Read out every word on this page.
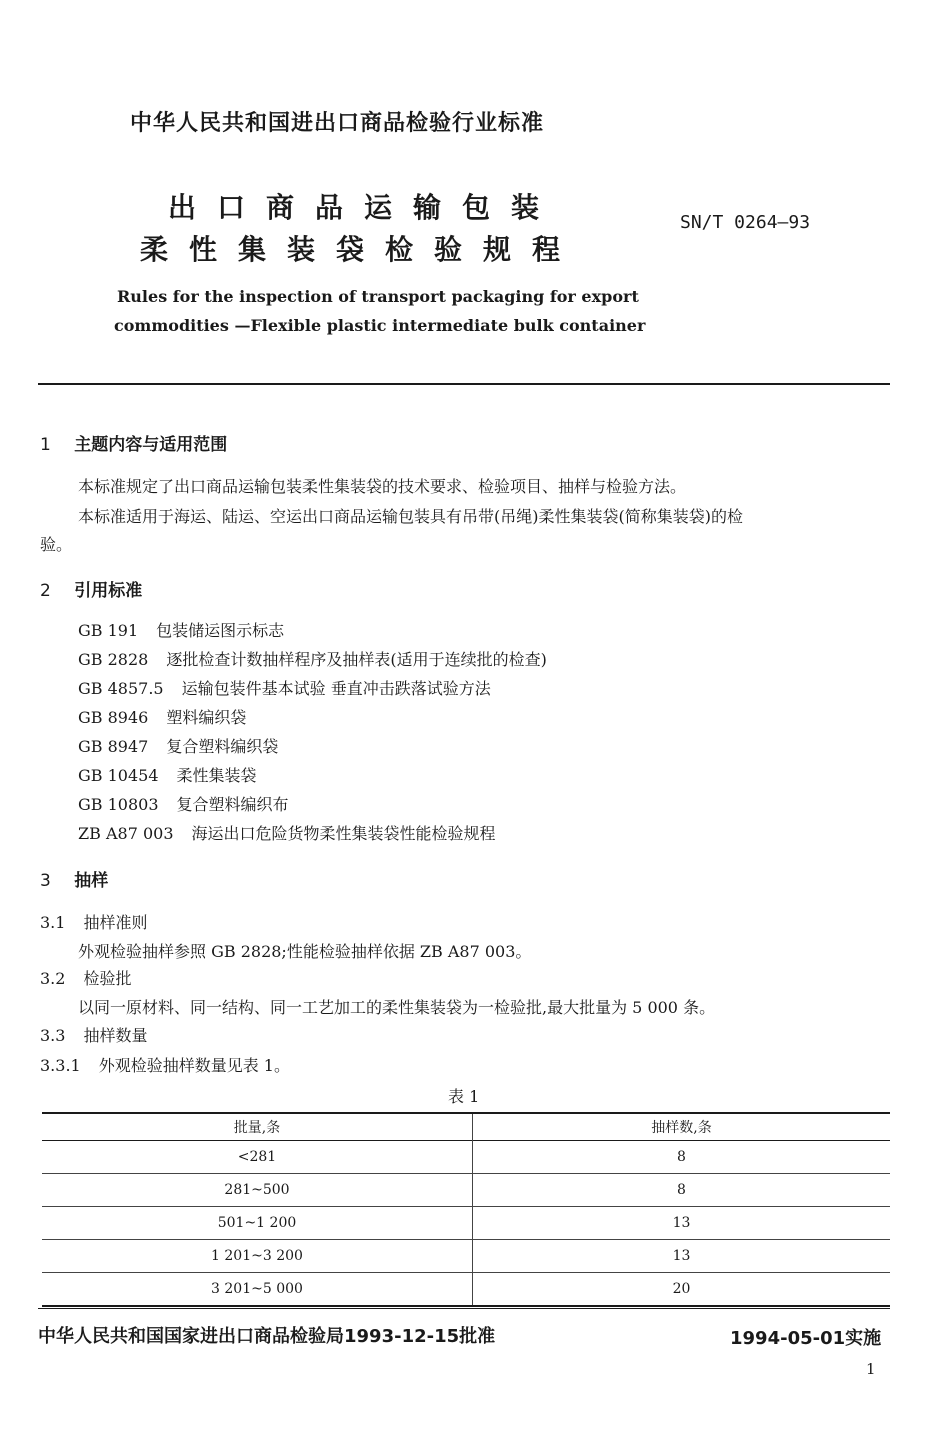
中华人民共和国进出口商品检验行业标准
出口商品运输包装
柔性集装袋检验规程
SN/T 0264—93
Rules for the inspection of transport packaging for export
commodities —Flexible plastic intermediate bulk container
1 主题内容与适用范围
本标准规定了出口商品运输包装柔性集装袋的技术要求、检验项目、抽样与检验方法。
本标准适用于海运、陆运、空运出口商品运输包装具有吊带(吊绳)柔性集装袋(简称集装袋)的检
验。
2 引用标准
GB 191 包装储运图示标志
GB 2828 逐批检查计数抽样程序及抽样表(适用于连续批的检查)
GB 4857.5 运输包装件基本试验 垂直冲击跌落试验方法
GB 8946 塑料编织袋
GB 8947 复合塑料编织袋
GB 10454 柔性集装袋
GB 10803 复合塑料编织布
ZB A87 003 海运出口危险货物柔性集装袋性能检验规程
3 抽样
3.1 抽样准则
外观检验抽样参照 GB 2828;性能检验抽样依据 ZB A87 003。
3.2 检验批
以同一原材料、同一结构、同一工艺加工的柔性集装袋为一检验批,最大批量为 5 000 条。
3.3 抽样数量
3.3.1 外观检验抽样数量见表 1。
表 1
批量,条	抽样数,条
<281	8
281~500	8
501~1 200	13
1 201~3 200	13
3 201~5 000	20
中华人民共和国国家进出口商品检验局1993-12-15批准	1994-05-01实施
1
